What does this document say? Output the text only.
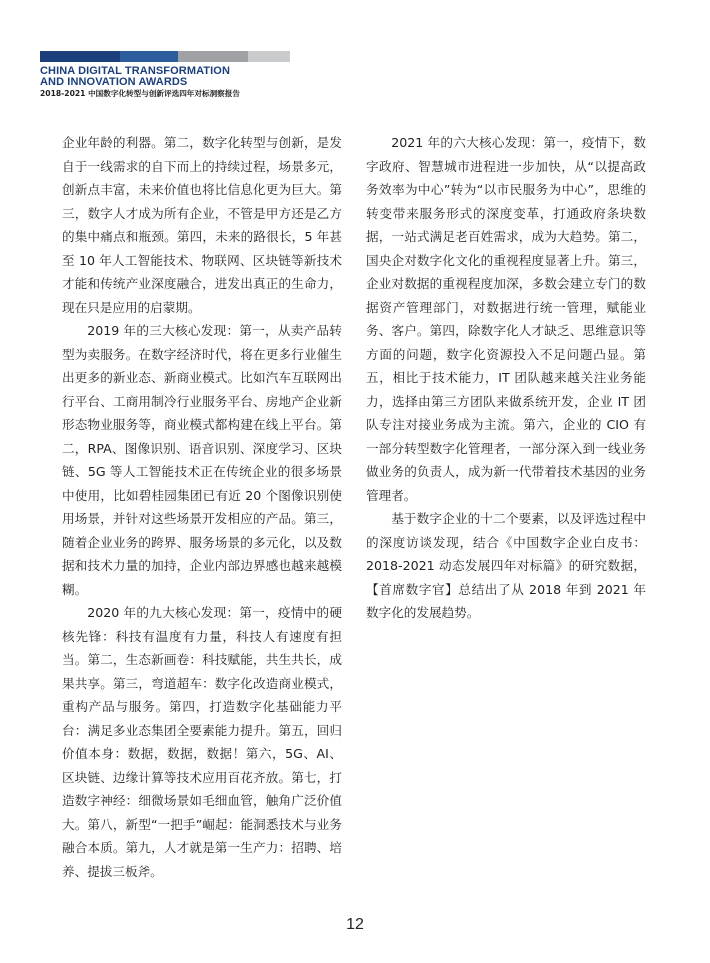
CHINA DIGITAL TRANSFORMATION
AND INNOVATION AWARDS
2018-2021 中国数字化转型与创新评选四年对标洞察报告

企业年龄的利器。第二，数字化转型与创新，是发自于一线需求的自下而上的持续过程，场景多元，创新点丰富，未来价值也将比信息化更为巨大。第三，数字人才成为所有企业，不管是甲方还是乙方的集中痛点和瓶颈。第四，未来的路很长，5 年甚至 10 年人工智能技术、物联网、区块链等新技术才能和传统产业深度融合，进发出真正的生命力，现在只是应用的启蒙期。

2019 年的三大核心发现：第一，从卖产品转型为卖服务。在数字经济时代，将在更多行业催生出更多的新业态、新商业模式。比如汽车互联网出行平台、工商用制冷行业服务平台、房地产企业新形态物业服务等，商业模式都构建在线上平台。第二，RPA、图像识别、语音识别、深度学习、区块链、5G 等人工智能技术正在传统企业的很多场景中使用，比如碧桂园集团已有近 20 个图像识别使用场景，并针对这些场景开发相应的产品。第三，随着企业业务的跨界、服务场景的多元化，以及数据和技术力量的加持，企业内部边界感也越来越模糊。

2020 年的九大核心发现：第一，疫情中的硬核先锋：科技有温度有力量，科技人有速度有担当。第二，生态新画卷：科技赋能，共生共长，成果共享。第三，弯道超车：数字化改造商业模式，重构产品与服务。第四，打造数字化基础能力平台：满足多业态集团全要素能力提升。第五，回归价值本身：数据，数据，数据！第六，5G、AI、区块链、边缘计算等技术应用百花齐放。第七，打造数字神经：细微场景如毛细血管，触角广泛价值大。第八，新型“一把手”崛起：能洞悉技术与业务融合本质。第九，人才就是第一生产力：招聘、培养、提拔三板斧。

2021 年的六大核心发现：第一，疫情下，数字政府、智慧城市进程进一步加快，从“以提高政务效率为中心”转为“以市民服务为中心”，思维的转变带来服务形式的深度变革，打通政府条块数据，一站式满足老百姓需求，成为大趋势。第二，国央企对数字化文化的重视程度显著上升。第三，企业对数据的重视程度加深，多数会建立专门的数据资产管理部门，对数据进行统一管理，赋能业务、客户。第四，除数字化人才缺乏、思维意识等方面的问题，数字化资源投入不足问题凸显。第五，相比于技术能力，IT 团队越来越关注业务能力，选择由第三方团队来做系统开发，企业 IT 团队专注对接业务成为主流。第六，企业的 CIO 有一部分转型数字化管理者，一部分深入到一线业务做业务的负责人，成为新一代带着技术基因的业务管理者。

基于数字企业的十二个要素，以及评选过程中的深度访谈发现，结合《中国数字企业白皮书：2018-2021 动态发展四年对标篇》的研究数据，【首席数字官】总结出了从 2018 年到 2021 年数字化的发展趋势。

12
